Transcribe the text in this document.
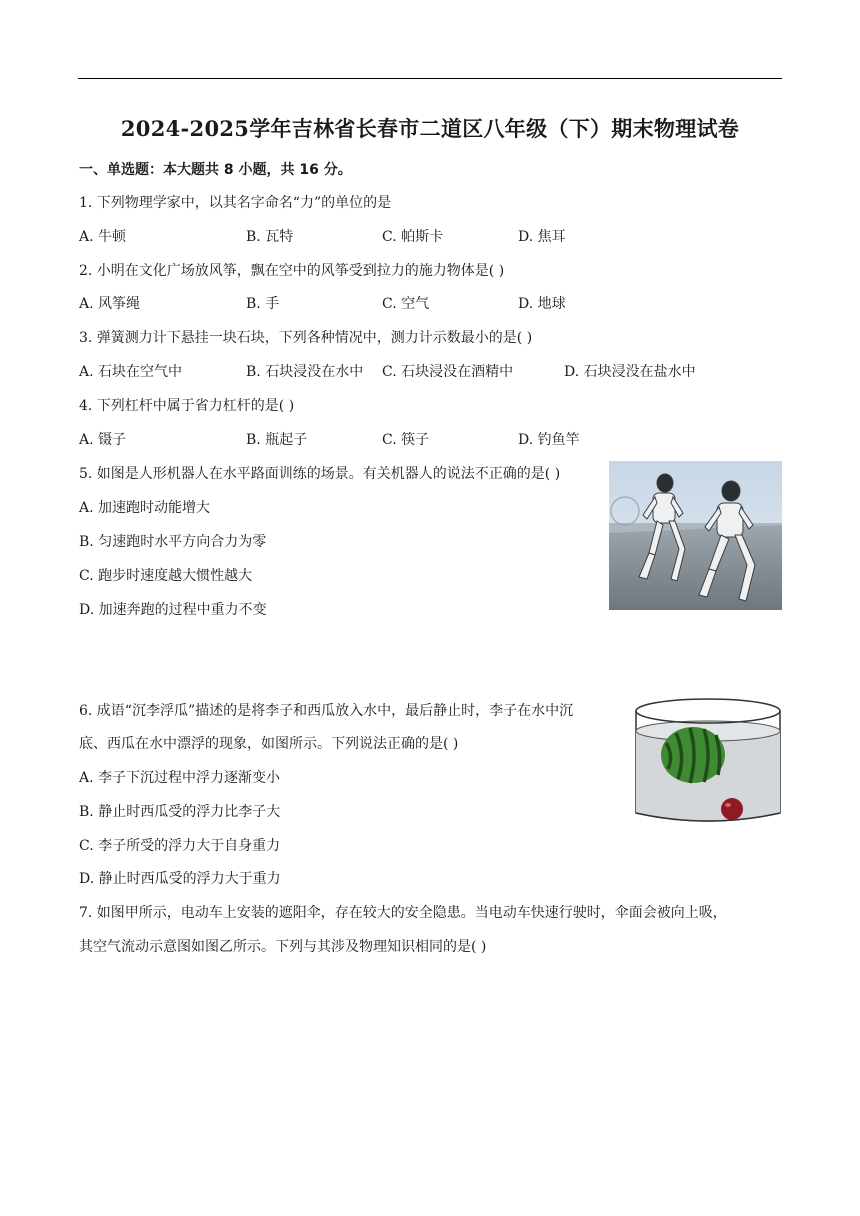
2024-2025学年吉林省长春市二道区八年级（下）期末物理试卷
一、单选题：本大题共 8 小题，共 16 分。
1. 下列物理学家中，以其名字命名“力”的单位的是
A. 牛顿	B. 瓦特	C. 帕斯卡	D. 焦耳
2. 小明在文化广场放风筝，飘在空中的风筝受到拉力的施力物体是( )
A. 风筝绳	B. 手	C. 空气	D. 地球
3. 弹簧测力计下悬挂一块石块，下列各种情况中，测力计示数最小的是( )
A. 石块在空气中	B. 石块浸没在水中 C. 石块浸没在酒精中	D. 石块浸没在盐水中
4. 下列杠杆中属于省力杠杆的是( )
A. 镊子	B. 瓶起子	C. 筷子	D. 钓鱼竿
5. 如图是人形机器人在水平路面训练的场景。有关机器人的说法不正确的是( )
A. 加速跑时动能增大
B. 匀速跑时水平方向合力为零
C. 跑步时速度越大惯性越大
D. 加速奔跑的过程中重力不变
6. 成语“沉李浮瓜”描述的是将李子和西瓜放入水中，最后静止时，李子在水中沉
底、西瓜在水中漂浮的现象，如图所示。下列说法正确的是( )
A. 李子下沉过程中浮力逐渐变小
B. 静止时西瓜受的浮力比李子大
C. 李子所受的浮力大于自身重力
D. 静止时西瓜受的浮力大于重力
7. 如图甲所示，电动车上安装的遮阳伞，存在较大的安全隐患。当电动车快速行驶时，伞面会被向上吸，
其空气流动示意图如图乙所示。下列与其涉及物理知识相同的是( )
